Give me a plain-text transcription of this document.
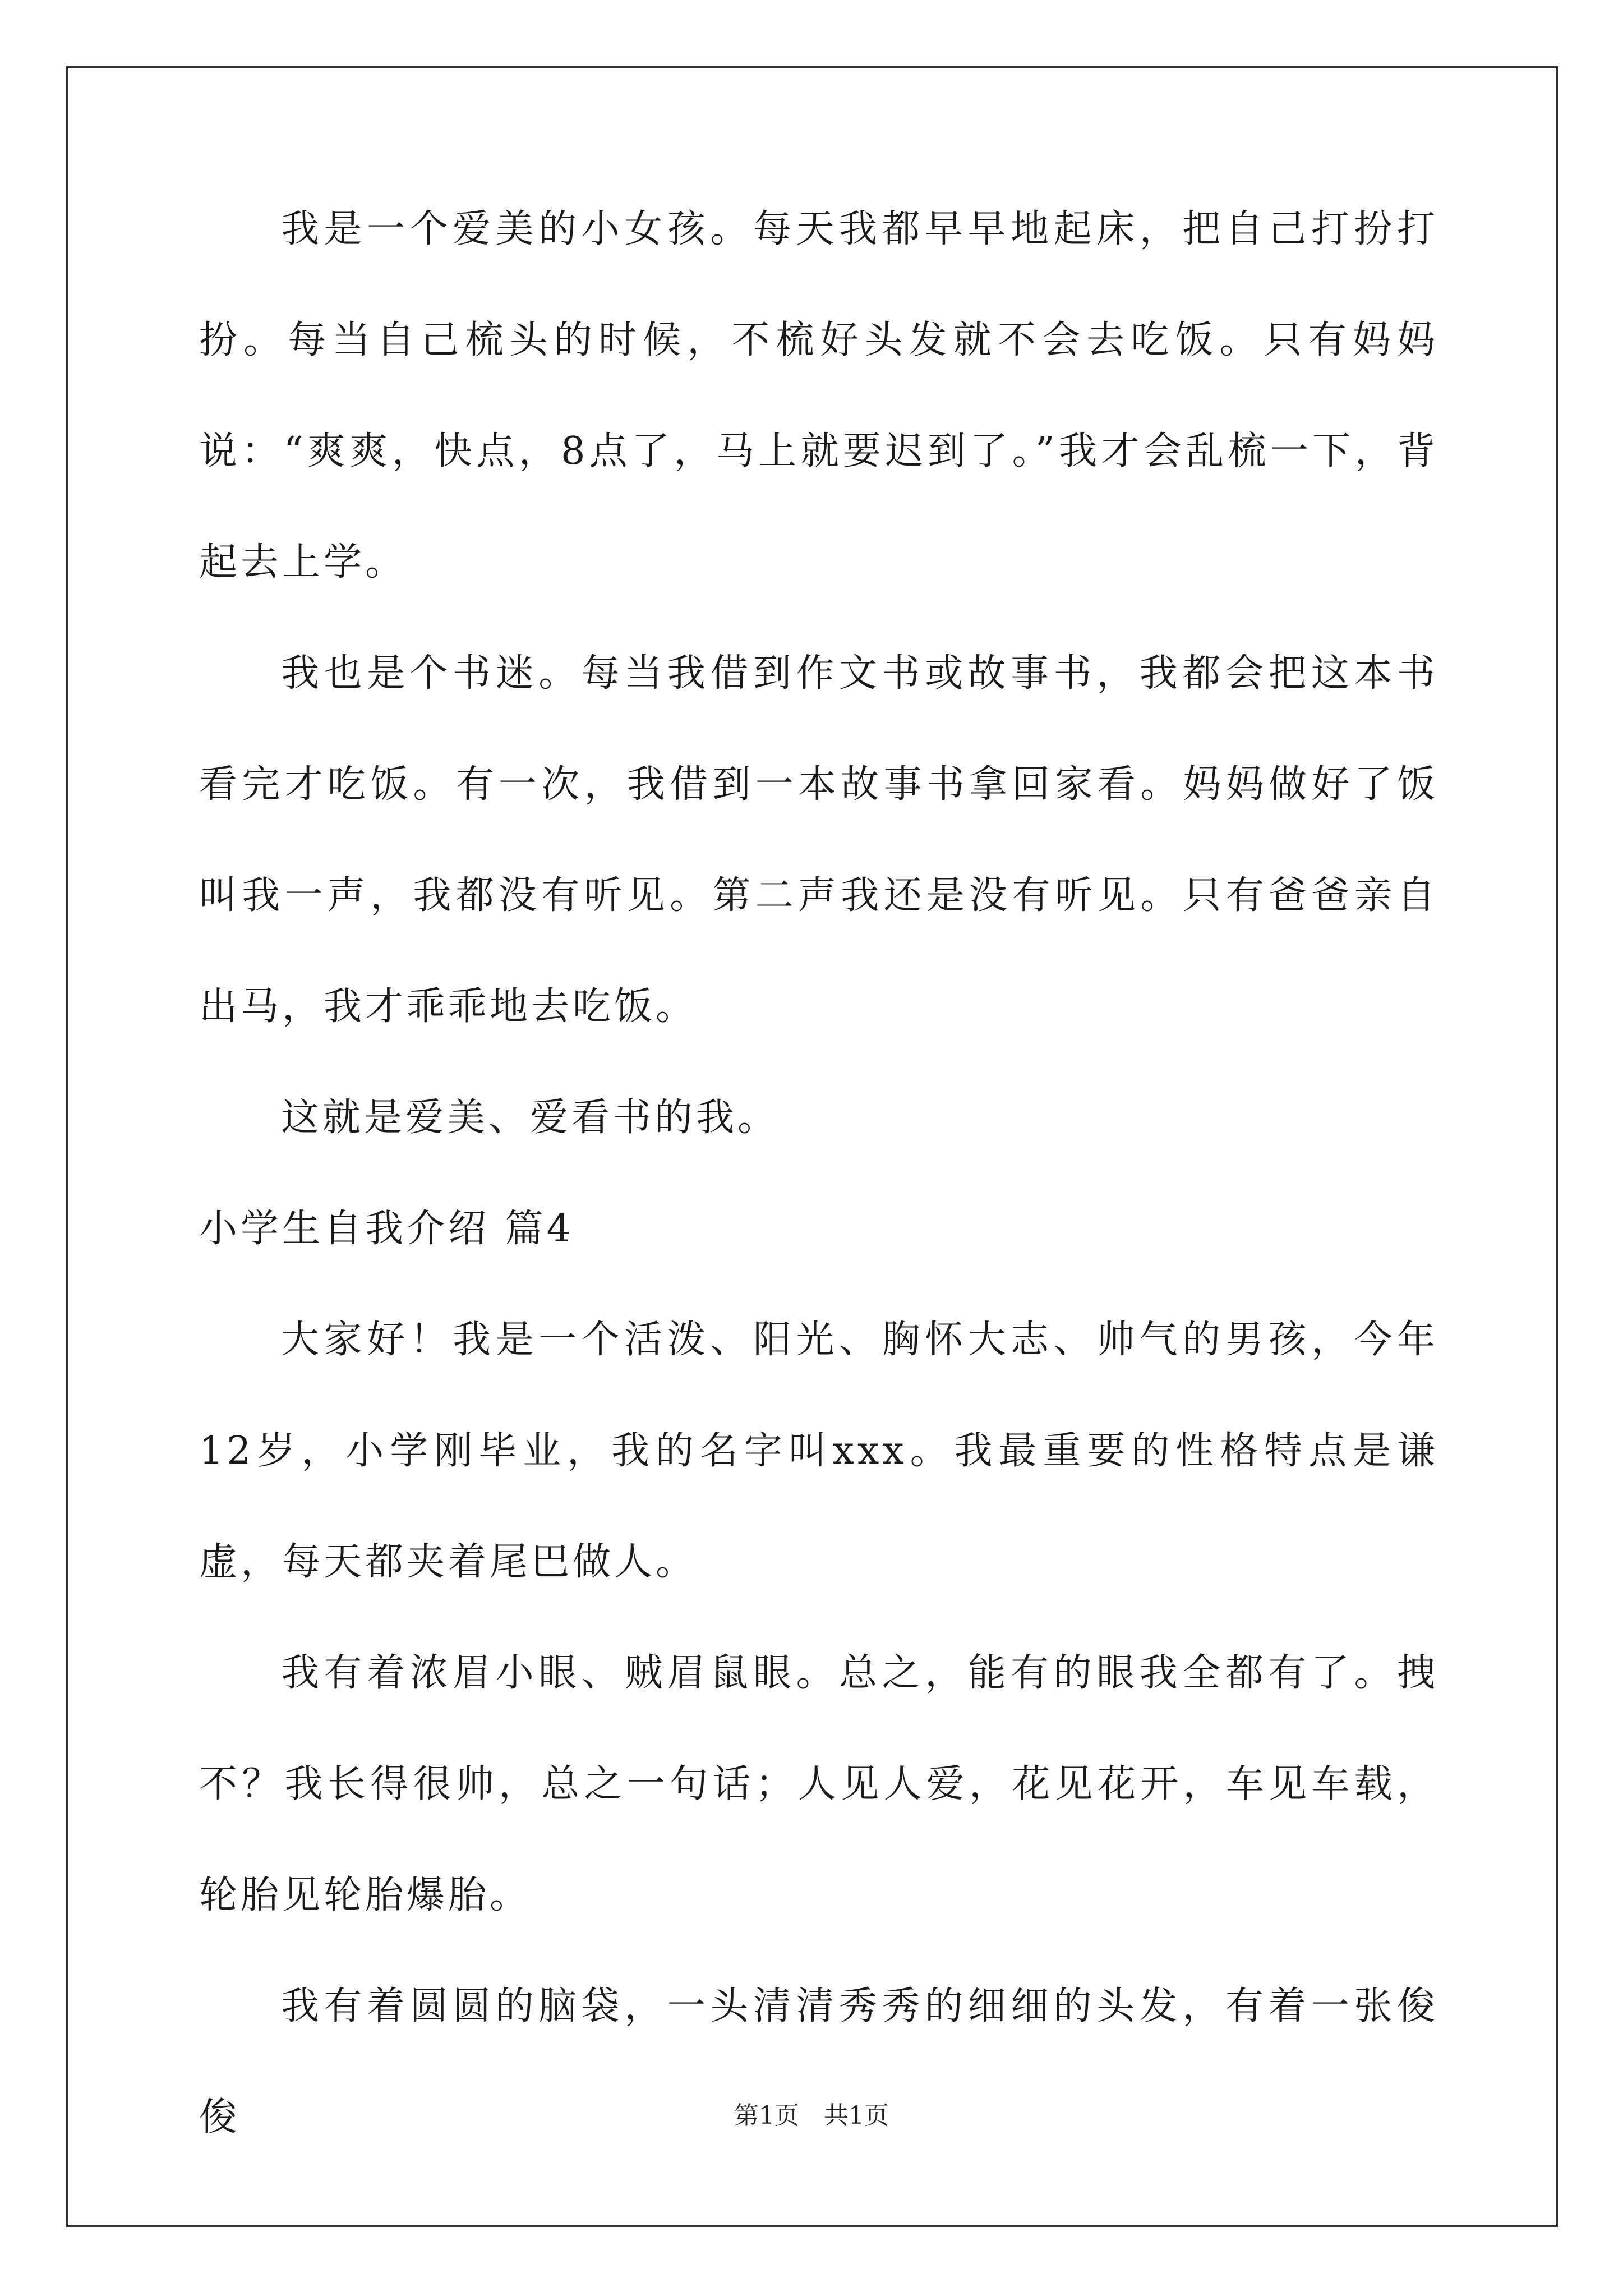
我是一个爱美的小女孩。每天我都早早地起床，把自己打扮打扮。每当自己梳头的时候，不梳好头发就不会去吃饭。只有妈妈说：“爽爽，快点，8点了，马上就要迟到了。”我才会乱梳一下，背起去上学。

我也是个书迷。每当我借到作文书或故事书，我都会把这本书看完才吃饭。有一次，我借到一本故事书拿回家看。妈妈做好了饭叫我一声，我都没有听见。第二声我还是没有听见。只有爸爸亲自出马，我才乖乖地去吃饭。

这就是爱美、爱看书的我。

小学生自我介绍 篇4

大家好！我是一个活泼、阳光、胸怀大志、帅气的男孩，今年12岁，小学刚毕业，我的名字叫xxx。我最重要的性格特点是谦虚，每天都夹着尾巴做人。

我有着浓眉小眼、贼眉鼠眼。总之，能有的眼我全都有了。拽不？我长得很帅，总之一句话；人见人爱，花见花开，车见车载，轮胎见轮胎爆胎。

我有着圆圆的脑袋，一头清清秀秀的细细的头发，有着一张俊俊	第1页　共1页
